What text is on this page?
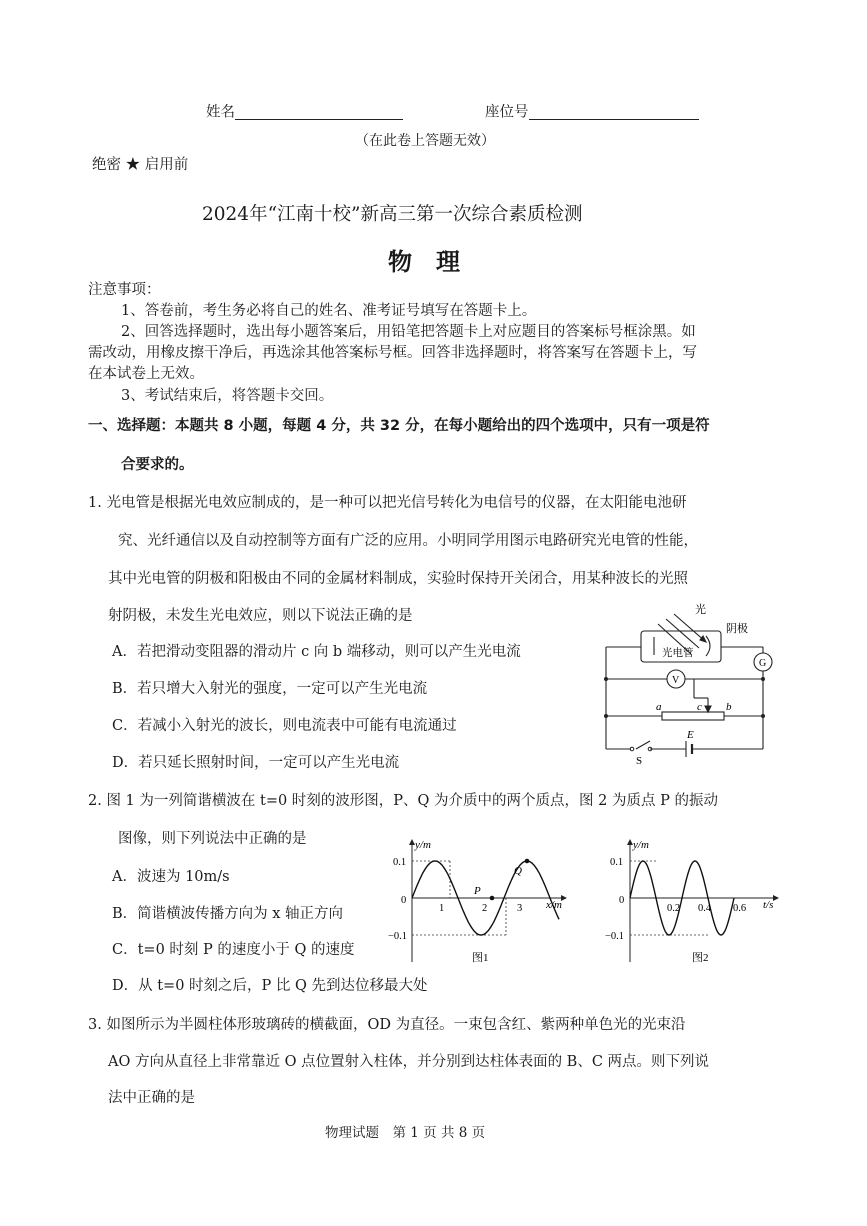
姓名	座位号
（在此卷上答题无效）
绝密 ★ 启用前
2024年“江南十校”新高三第一次综合素质检测
物　理
注意事项：
1、答卷前，考生务必将自己的姓名、准考证号填写在答题卡上。
2、回答选择题时，选出每小题答案后，用铅笔把答题卡上对应题目的答案标号框涂黑。如
需改动，用橡皮擦干净后，再选涂其他答案标号框。回答非选择题时，将答案写在答题卡上，写
在本试卷上无效。
3、考试结束后，将答题卡交回。
一、选择题：本题共 8 小题，每题 4 分，共 32 分，在每小题给出的四个选项中，只有一项是符
合要求的。
1. 光电管是根据光电效应制成的，是一种可以把光信号转化为电信号的仪器，在太阳能电池研
究、光纤通信以及自动控制等方面有广泛的应用。小明同学用图示电路研究光电管的性能，
其中光电管的阴极和阳极由不同的金属材料制成，实验时保持开关闭合，用某种波长的光照
射阴极，未发生光电效应，则以下说法正确的是
A．若把滑动变阻器的滑动片 c 向 b 端移动，则可以产生光电流
B．若只增大入射光的强度，一定可以产生光电流
C．若减小入射光的波长，则电流表中可能有电流通过
D．若只延长照射时间，一定可以产生光电流
光
阴极
光电管
G
V
a	c b
E
S
2. 图 1 为一列简谐横波在 t=0 时刻的波形图，P、Q 为介质中的两个质点，图 2 为质点 P 的振动
图像，则下列说法中正确的是
A．波速为 10m/s
B．简谐横波传播方向为 x 轴正方向
C．t=0 时刻 P 的速度小于 Q 的速度
D．从 t=0 时刻之后，P 比 Q 先到达位移最大处
y/m
x/m
0.1
−0.1
0
1	2	3
P
Q
图1
y/m
t/s
0.1
−0.1
0
0.2 0.4 0.6
图2
3. 如图所示为半圆柱体形玻璃砖的横截面，OD 为直径。一束包含红、紫两种单色光的光束沿
AO 方向从直径上非常靠近 O 点位置射入柱体，并分别到达柱体表面的 B、C 两点。则下列说
法中正确的是
物理试题　第 1 页 共 8 页
